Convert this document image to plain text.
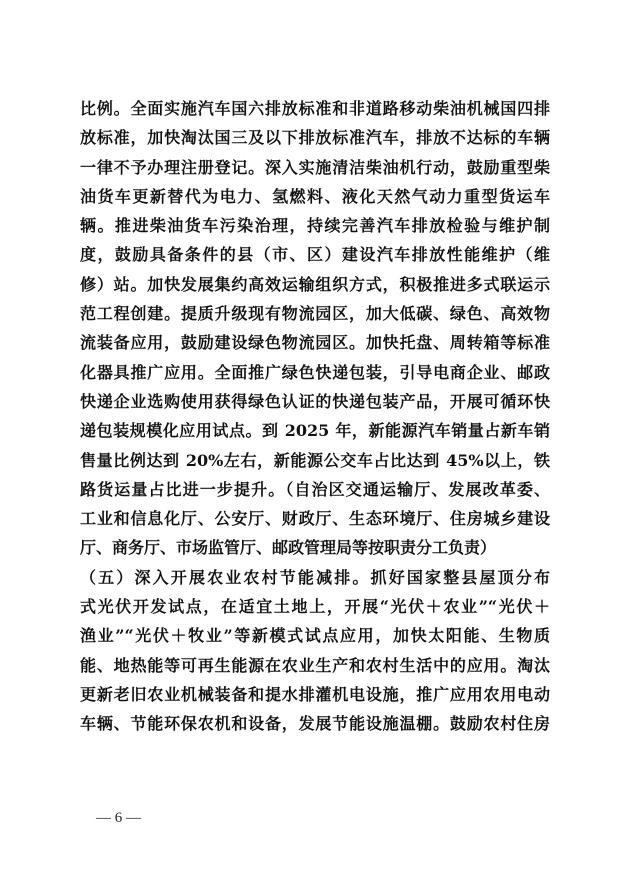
比例。全面实施汽车国六排放标准和非道路移动柴油机械国四排
放标准，加快淘汰国三及以下排放标准汽车，排放不达标的车辆
一律不予办理注册登记。深入实施清洁柴油机行动，鼓励重型柴
油货车更新替代为电力、氢燃料、液化天然气动力重型货运车
辆。推进柴油货车污染治理，持续完善汽车排放检验与维护制
度，鼓励具备条件的县（市、区）建设汽车排放性能维护（维
修）站。加快发展集约高效运输组织方式，积极推进多式联运示
范工程创建。提质升级现有物流园区，加大低碳、绿色、高效物
流装备应用，鼓励建设绿色物流园区。加快托盘、周转箱等标准
化器具推广应用。全面推广绿色快递包装，引导电商企业、邮政
快递企业选购使用获得绿色认证的快递包装产品，开展可循环快
递包装规模化应用试点。到 2025 年，新能源汽车销量占新车销
售量比例达到 20%左右，新能源公交车占比达到 45%以上，铁
路货运量占比进一步提升。（自治区交通运输厅、发展改革委、
工业和信息化厅、公安厅、财政厅、生态环境厅、住房城乡建设
厅、商务厅、市场监管厅、邮政管理局等按职责分工负责）
（五）深入开展农业农村节能减排。抓好国家整县屋顶分布
式光伏开发试点，在适宜土地上，开展“光伏＋农业”“光伏＋
渔业”“光伏＋牧业”等新模式试点应用，加快太阳能、生物质
能、地热能等可再生能源在农业生产和农村生活中的应用。淘汰
更新老旧农业机械装备和提水排灌机电设施，推广应用农用电动
车辆、节能环保农机和设备，发展节能设施温棚。鼓励农村住房
— 6 —
